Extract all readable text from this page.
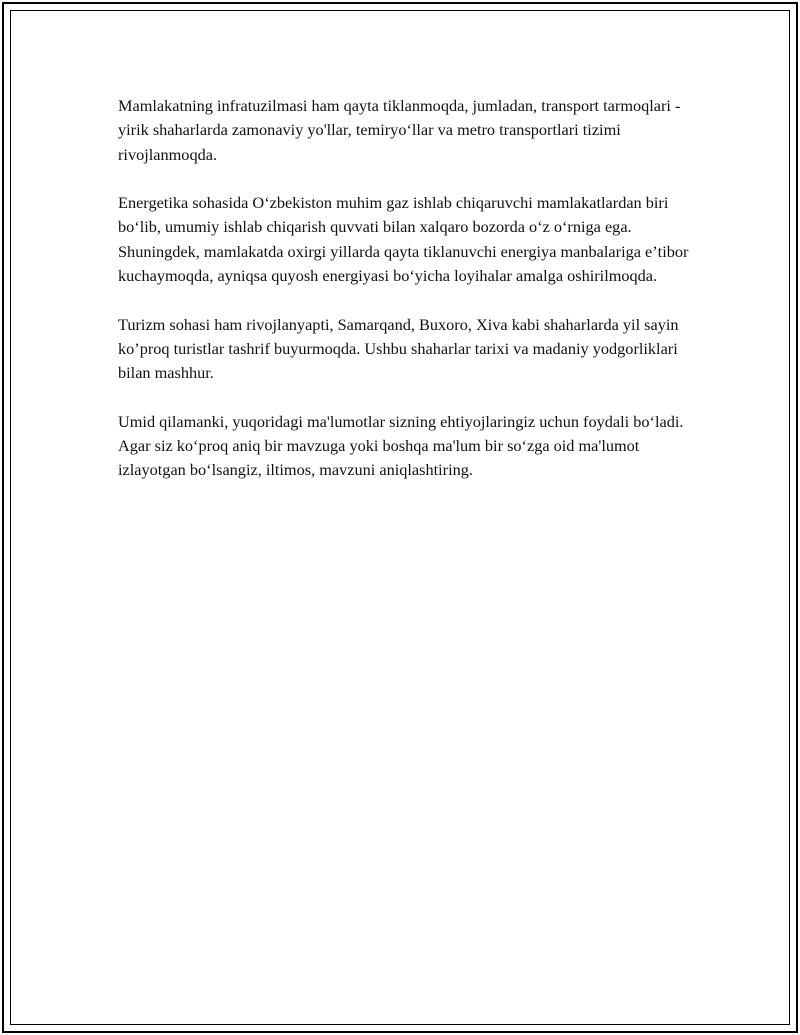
Mamlakatning infratuzilmasi ham qayta tiklanmoqda, jumladan, transport tarmoqlari - yirik shaharlarda zamonaviy yo'llar, temiryoʻllar va metro transportlari tizimi rivojlanmoqda.

Energetika sohasida Oʻzbekiston muhim gaz ishlab chiqaruvchi mamlakatlardan biri boʻlib, umumiy ishlab chiqarish quvvati bilan xalqaro bozorda oʻz oʻrniga ega. Shuningdek, mamlakatda oxirgi yillarda qayta tiklanuvchi energiya manbalariga eʼtibor kuchaymoqda, ayniqsa quyosh energiyasi boʻyicha loyihalar amalga oshirilmoqda.

Turizm sohasi ham rivojlanyapti, Samarqand, Buxoro, Xiva kabi shaharlarda yil sayin ko’proq turistlar tashrif buyurmoqda. Ushbu shaharlar tarixi va madaniy yodgorliklari bilan mashhur.

Umid qilamanki, yuqoridagi ma'lumotlar sizning ehtiyojlaringiz uchun foydali boʻladi. Agar siz koʻproq aniq bir mavzuga yoki boshqa ma'lum bir soʻzga oid ma'lumot izlayotgan boʻlsangiz, iltimos, mavzuni aniqlashtiring.
